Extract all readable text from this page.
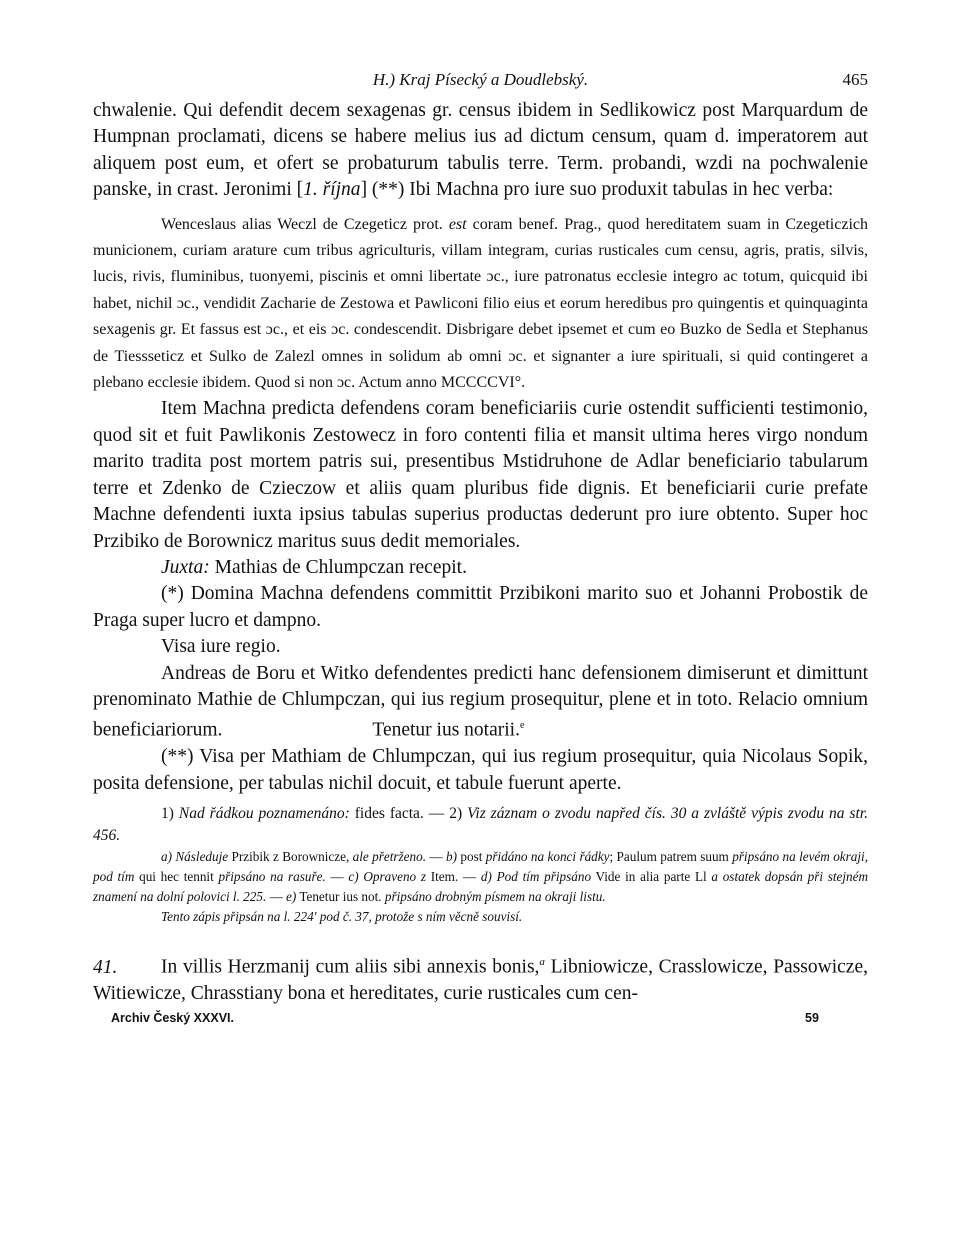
H.) Kraj Písecký a Doudlebský.	465

chwalenie. Qui defendit decem sexagenas gr. census ibidem in Sedlikowicz post Marquardum de Humpnan proclamati, dicens se habere melius ius ad dictum censum, quam d. imperatorem aut aliquem post eum, et ofert se probaturum tabulis terre. Term. probandi, wzdi na pochwalenie panske, in crast. Jeronimi [1. října] (**) Ibi Machna pro iure suo produxit tabulas in hec verba:

Wenceslaus alias Weczl de Czegeticz prot. est coram benef. Prag., quod hereditatem suam in Czegeticzich municionem, curiam arature cum tribus agriculturis, villam integram, curias rusticales cum censu, agris, pratis, silvis, lucis, rivis, fluminibus, tuonyemi, piscinis et omni libertate ɔc., iure patronatus ecclesie integro ac totum, quicquid ibi habet, nichil ɔc., vendidit Zacharie de Zestowa et Pawliconi filio eius et eorum heredibus pro quingentis et quinquaginta sexagenis gr. Et fassus est ɔc., et eis ɔc. condescendit. Disbrigare debet ipsemet et cum eo Buzko de Sedla et Stephanus de Tiessseticz et Sulko de Zalezl omnes in solidum ab omni ɔc. et signanter a iure spirituali, si quid contingeret a plebano ecclesie ibidem. Quod si non ɔc. Actum anno MCCCCVI°.

Item Machna predicta defendens coram beneficiariis curie ostendit sufficienti testimonio, quod sit et fuit Pawlikonis Zestowecz in foro contenti filia et mansit ultima heres virgo nondum marito tradita post mortem patris sui, presentibus Mstidruhone de Adlar beneficiario tabularum terre et Zdenko de Czieczow et aliis quam pluribus fide dignis. Et beneficiarii curie prefate Machne defendenti iuxta ipsius tabulas superius productas dederunt pro iure obtento. Super hoc Przibiko de Borownicz maritus suus dedit memoriales.

Juxta: Mathias de Chlumpczan recepit.

(*) Domina Machna defendens committit Przibikoni marito suo et Johanni Probostik de Praga super lucro et dampno.

Visa iure regio.

Andreas de Boru et Witko defendentes predicti hanc defensionem dimiserunt et dimittunt prenominato Mathie de Chlumpczan, qui ius regium prosequitur, plene et in toto. Relacio omnium beneficiariorum.	Tenetur ius notarii.$^e$

(**) Visa per Mathiam de Chlumpczan, qui ius regium prosequitur, quia Nicolaus Sopik, posita defensione, per tabulas nichil docuit, et tabule fuerunt aperte.

1) Nad řádkou poznamenáno: fides facta. — 2) Viz záznam o zvodu napřed čís. 30 a zvláště výpis zvodu na str. 456.

a) Následuje Przibik z Borownicze, ale přetrženo. — b) post přidáno na konci řádky; Paulum patrem suum připsáno na levém okraji, pod tím qui hec tennit připsáno na rasuře. — c) Opraveno z Item. — d) Pod tím připsáno Vide in alia parte Ll a ostatek dopsán při stejném znamení na dolní polovici l. 225. — e) Tenetur ius not. připsáno drobným písmem na okraji listu.

Tento zápis připsán na l. 224' pod č. 37, protože s ním věcně souvisí.

41. In villis Herzmanij cum aliis sibi annexis bonis,$^a$ Libniowicze, Crasslowicze, Passowicze, Witiewicze, Chrasstiany bona et hereditates, curie rusticales cum cen-

Archiv Český XXXVI.	59
